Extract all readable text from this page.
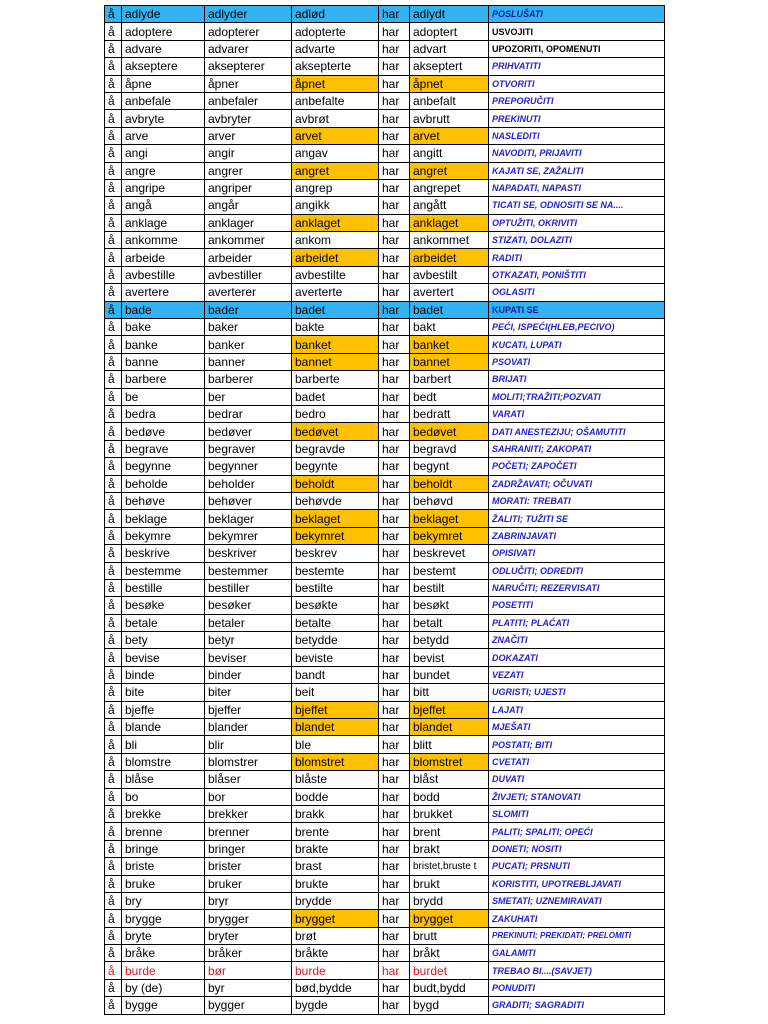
å	adlyde	adlyder	adlød	har	adlydt	POSLUŠATI
å	adoptere	adopterer	adopterte	har	adoptert	USVOJITI
å	advare	advarer	advarte	har	advart	UPOZORITI, OPOMENUTI
å	akseptere	aksepterer	aksepterte	har	akseptert	PRIHVATITI
å	åpne	åpner	åpnet	har	åpnet	OTVORITI
å	anbefale	anbefaler	anbefalte	har	anbefalt	PREPORUČITI
å	avbryte	avbryter	avbrøt	har	avbrutt	PREKINUTI
å	arve	arver	arvet	har	arvet	NASLEDITI
å	angi	angir	angav	har	angitt	NAVODITI, PRIJAVITI
å	angre	angrer	angret	har	angret	KAJATI SE, ZAŽALITI
å	angripe	angriper	angrep	har	angrepet	NAPADATI, NAPASTI
å	angå	angår	angikk	har	angått	TICATI SE, ODNOSITI SE NA....
å	anklage	anklager	anklaget	har	anklaget	OPTUŽITI, OKRIVITI
å	ankomme	ankommer	ankom	har	ankommet	STIZATI, DOLAZITI
å	arbeide	arbeider	arbeidet	har	arbeidet	RADITI
å	avbestille	avbestiller	avbestilte	har	avbestilt	OTKAZATI, PONIŠTITI
å	avertere	averterer	averterte	har	avertert	OGLASITI
å	bade	bader	badet	har	badet	KUPATI SE
å	bake	baker	bakte	har	bakt	PEĆI, ISPEĆI(HLEB,PECIVO)
å	banke	banker	banket	har	banket	KUCATI, LUPATI
å	banne	banner	bannet	har	bannet	PSOVATI
å	barbere	barberer	barberte	har	barbert	BRIJATI
å	be	ber	badet	har	bedt	MOLITI;TRAŽITI;POZVATI
å	bedra	bedrar	bedro	har	bedratt	VARATI
å	bedøve	bedøver	bedøvet	har	bedøvet	DATI ANESTEZIJU; OŠAMUTITI
å	begrave	begraver	begravde	har	begravd	SAHRANITI; ZAKOPATI
å	begynne	begynner	begynte	har	begynt	POČETI; ZAPOČETI
å	beholde	beholder	beholdt	har	beholdt	ZADRŽAVATI; OČUVATI
å	behøve	behøver	behøvde	har	behøvd	MORATI: TREBATI
å	beklage	beklager	beklaget	har	beklaget	ŽALITI; TUŽITI SE
å	bekymre	bekymrer	bekymret	har	bekymret	ZABRINJAVATI
å	beskrive	beskriver	beskrev	har	beskrevet	OPISIVATI
å	bestemme	bestemmer	bestemte	har	bestemt	ODLUČITI; ODREDITI
å	bestille	bestiller	bestilte	har	bestilt	NARUČITI; REZERVISATI
å	besøke	besøker	besøkte	har	besøkt	POSETITI
å	betale	betaler	betalte	har	betalt	PLATITI; PLAĆATI
å	bety	betyr	betydde	har	betydd	ZNAČITI
å	bevise	beviser	beviste	har	bevist	DOKAZATI
å	binde	binder	bandt	har	bundet	VEZATI
å	bite	biter	beit	har	bitt	UGRISTI; UJESTI
å	bjeffe	bjeffer	bjeffet	har	bjeffet	LAJATI
å	blande	blander	blandet	har	blandet	MJEŠATI
å	bli	blir	ble	har	blitt	POSTATI; BITI
å	blomstre	blomstrer	blomstret	har	blomstret	CVETATI
å	blåse	blåser	blåste	har	blåst	DUVATI
å	bo	bor	bodde	har	bodd	ŽIVJETI; STANOVATI
å	brekke	brekker	brakk	har	brukket	SLOMITI
å	brenne	brenner	brente	har	brent	PALITI; SPALITI; OPEĆI
å	bringe	bringer	brakte	har	brakt	DONETI; NOSITI
å	briste	brister	brast	har	bristet,bruste t	PUCATI; PRSNUTI
å	bruke	bruker	brukte	har	brukt	KORISTITI, UPOTREBLJAVATI
å	bry	bryr	brydde	har	brydd	SMETATI; UZNEMIRAVATI
å	brygge	brygger	brygget	har	brygget	ZAKUHATI
å	bryte	bryter	brøt	har	brutt	PREKINUTI; PREKIDATI; PRELOMITI
å	bråke	bråker	bråkte	har	bråkt	GALAMITI
å	burde	bør	burde	har	burdet	TREBAO BI....(SAVJET)
å	by (de)	byr	bød,bydde	har	budt,bydd	PONUDITI
å	bygge	bygger	bygde	har	bygd	GRADITI; SAGRADITI
